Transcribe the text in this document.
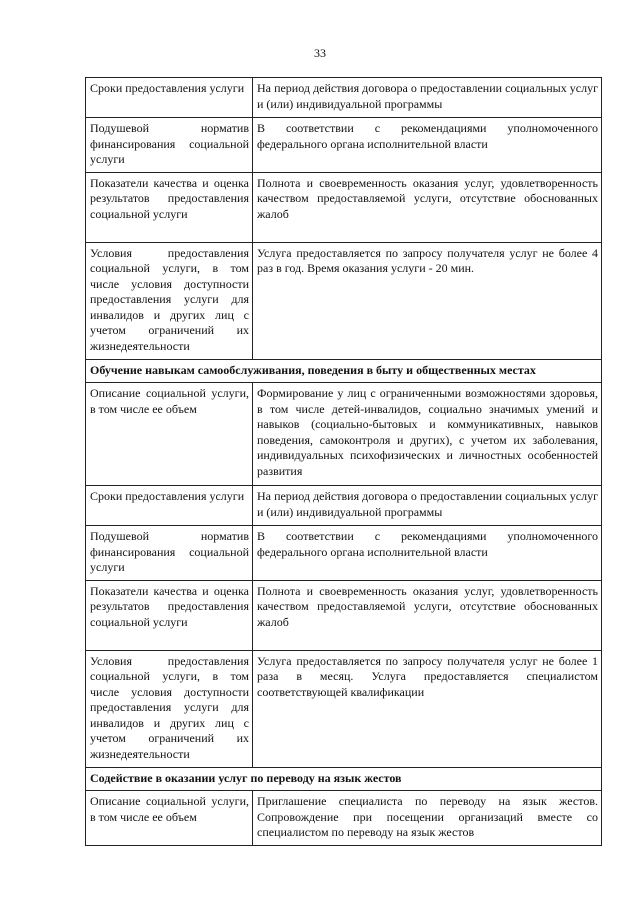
33
Сроки предоставления услуги	На период действия договора о предоставлении социальных услуг и (или) индивидуальной программы
Подушевой норматив финансирования социальной услуги	В соответствии с рекомендациями уполномоченного федерального органа исполнительной власти
Показатели качества и оценка результатов предоставления социальной услуги	Полнота и своевременность оказания услуг, удовлетворенность качеством предоставляемой услуги, отсутствие обоснованных жалоб
Условия предоставления социальной услуги, в том числе условия доступности предоставления услуги для инвалидов и других лиц с учетом ограничений их жизнедеятельности	Услуга предоставляется по запросу получателя услуг не более 4 раз в год. Время оказания услуги - 20 мин.
Обучение навыкам самообслуживания, поведения в быту и общественных местах	
Описание социальной услуги, в том числе ее объем	Формирование у лиц с ограниченными возможностями здоровья, в том числе детей-инвалидов, социально значимых умений и навыков (социально-бытовых и коммуникативных, навыков поведения, самоконтроля и других), с учетом их заболевания, индивидуальных психофизических и личностных особенностей развития
Сроки предоставления услуги	На период действия договора о предоставлении социальных услуг и (или) индивидуальной программы
Подушевой норматив финансирования социальной услуги	В соответствии с рекомендациями уполномоченного федерального органа исполнительной власти
Показатели качества и оценка результатов предоставления социальной услуги	Полнота и своевременность оказания услуг, удовлетворенность качеством предоставляемой услуги, отсутствие обоснованных жалоб
Условия предоставления социальной услуги, в том числе условия доступности предоставления услуги для инвалидов и других лиц с учетом ограничений их жизнедеятельности	Услуга предоставляется по запросу получателя услуг не более 1 раза в месяц. Услуга предоставляется специалистом соответствующей квалификации
Содействие в оказании услуг по переводу на язык жестов	
Описание социальной услуги, в том числе ее объем	Приглашение специалиста по переводу на язык жестов. Сопровождение при посещении организаций вместе со специалистом по переводу на язык жестов
